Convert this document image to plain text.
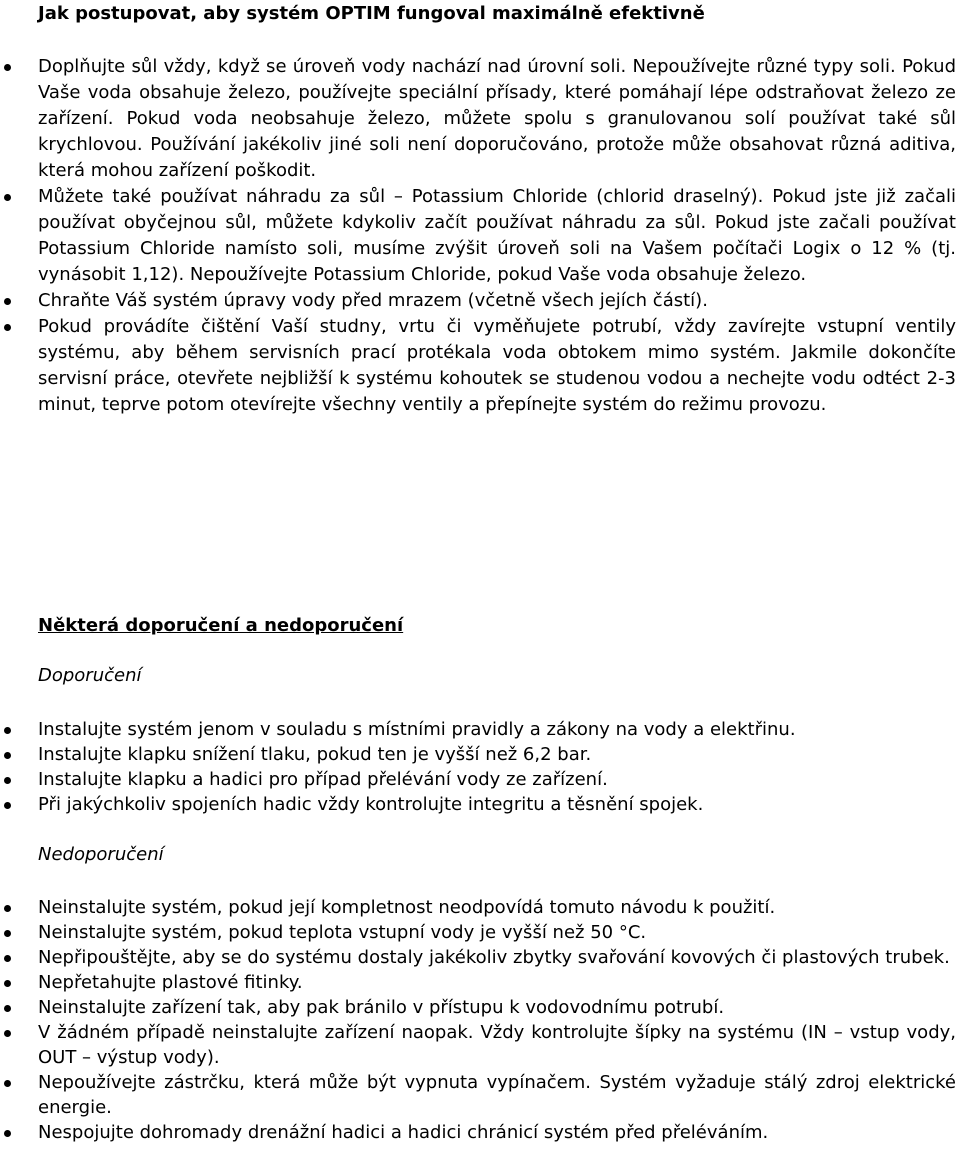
Jak postupovat, aby systém OPTIM fungoval maximálně efektivně
Doplňujte sůl vždy, když se úroveň vody nachází nad úrovní soli. Nepoužívejte různé typy soli. Pokud Vaše voda obsahuje železo, používejte speciální přísady, které pomáhají lépe odstraňovat železo ze zařízení. Pokud voda neobsahuje železo, můžete spolu s granulovanou solí používat také sůl krychlovou. Používání jakékoliv jiné soli není doporučováno, protože může obsahovat různá aditiva, která mohou zařízení poškodit.
Můžete také používat náhradu za sůl – Potassium Chloride (chlorid draselný). Pokud jste již začali používat obyčejnou sůl, můžete kdykoliv začít používat náhradu za sůl. Pokud jste začali používat Potassium Chloride namísto soli, musíme zvýšit úroveň soli na Vašem počítači Logix o 12 % (tj. vynásobit 1,12). Nepoužívejte Potassium Chloride, pokud Vaše voda obsahuje železo.
Chraňte Váš systém úpravy vody před mrazem (včetně všech jejích částí).
Pokud provádíte čištění Vaší studny, vrtu či vyměňujete potrubí, vždy zavírejte vstupní ventily systému, aby během servisních prací protékala voda obtokem mimo systém. Jakmile dokončíte servisní práce, otevřete nejbližší k systému kohoutek se studenou vodou a nechejte vodu odtéct 2-3 minut, teprve potom otevírejte všechny ventily a přepínejte systém do režimu provozu.
Některá doporučení a nedoporučení
Doporučení
Instalujte systém jenom v souladu s místními pravidly a zákony na vody a elektřinu.
Instalujte klapku snížení tlaku, pokud ten je vyšší než 6,2 bar.
Instalujte klapku a hadici pro případ přelévání vody ze zařízení.
Při jakýchkoliv spojeních hadic vždy kontrolujte integritu a těsnění spojek.
Nedoporučení
Neinstalujte systém, pokud její kompletnost neodpovídá tomuto návodu k použití.
Neinstalujte systém, pokud teplota vstupní vody je vyšší než 50 °C.
Nepřipouštějte, aby se do systému dostaly jakékoliv zbytky svařování kovových či plastových trubek.
Nepřetahujte plastové fitinky.
Neinstalujte zařízení tak, aby pak bránilo v přístupu k vodovodnímu potrubí.
V žádném případě neinstalujte zařízení naopak. Vždy kontrolujte šípky na systému (IN – vstup vody, OUT – výstup vody).
Nepoužívejte zástrčku, která může být vypnuta vypínačem. Systém vyžaduje stálý zdroj elektrické energie.
Nespojujte dohromady drenážní hadici a hadici chránicí systém před přeléváním.
